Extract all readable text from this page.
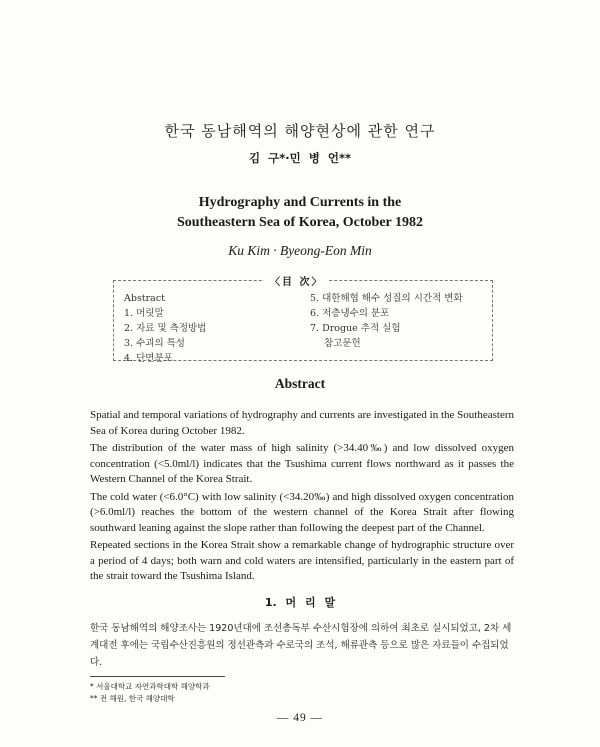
한국 동남해역의 해양현상에 관한 연구
김 구*·민 병 언**
Hydrography and Currents in the
Southeastern Sea of Korea, October 1982
Ku Kim · Byeong-Eon Min
〈目 次〉
Abstract
1. 머릿말
2. 자료 및 측정방법
3. 수괴의 특성
4. 단면분포
5. 대한해협 해수 성질의 시간적 변화
6. 저층냉수의 분포
7. Drogue 추적 실험
참고문헌
Abstract

Spatial and temporal variations of hydrography and currents are investigated in the Southeastern Sea of Korea during October 1982.

The distribution of the water mass of high salinity (>34.40‰) and low dissolved oxygen concentration (<5.0ml/l) indicates that the Tsushima current flows northward as it passes the Western Channel of the Korea Strait.

The cold water (<6.0°C) with low salinity (<34.20‰) and high dissolved oxygen concentration (>6.0ml/l) reaches the bottom of the western channel of the Korea Strait after flowing southward leaning against the slope rather than following the deepest part of the Channel.

Repeated sections in the Korea Strait show a remarkable change of hydrographic structure over a period of 4 days; both warn and cold waters are intensified, particularly in the eastern part of the strait toward the Tsushima Island.

1. 머 리 말
한국 동남해역의 해양조사는 1920년대에 조선총독부 수산시험장에 의하여 최초로 실시되었고, 2차 세계대전 후에는 국립수산진흥원의 정선관측과 수로국의 조석, 해류관측 등으로 많은 자료들이 수집되었다.
* 서울대학교 자연과학대학 해양학과
** 전 해원, 한국 해양대학
— 49 —
